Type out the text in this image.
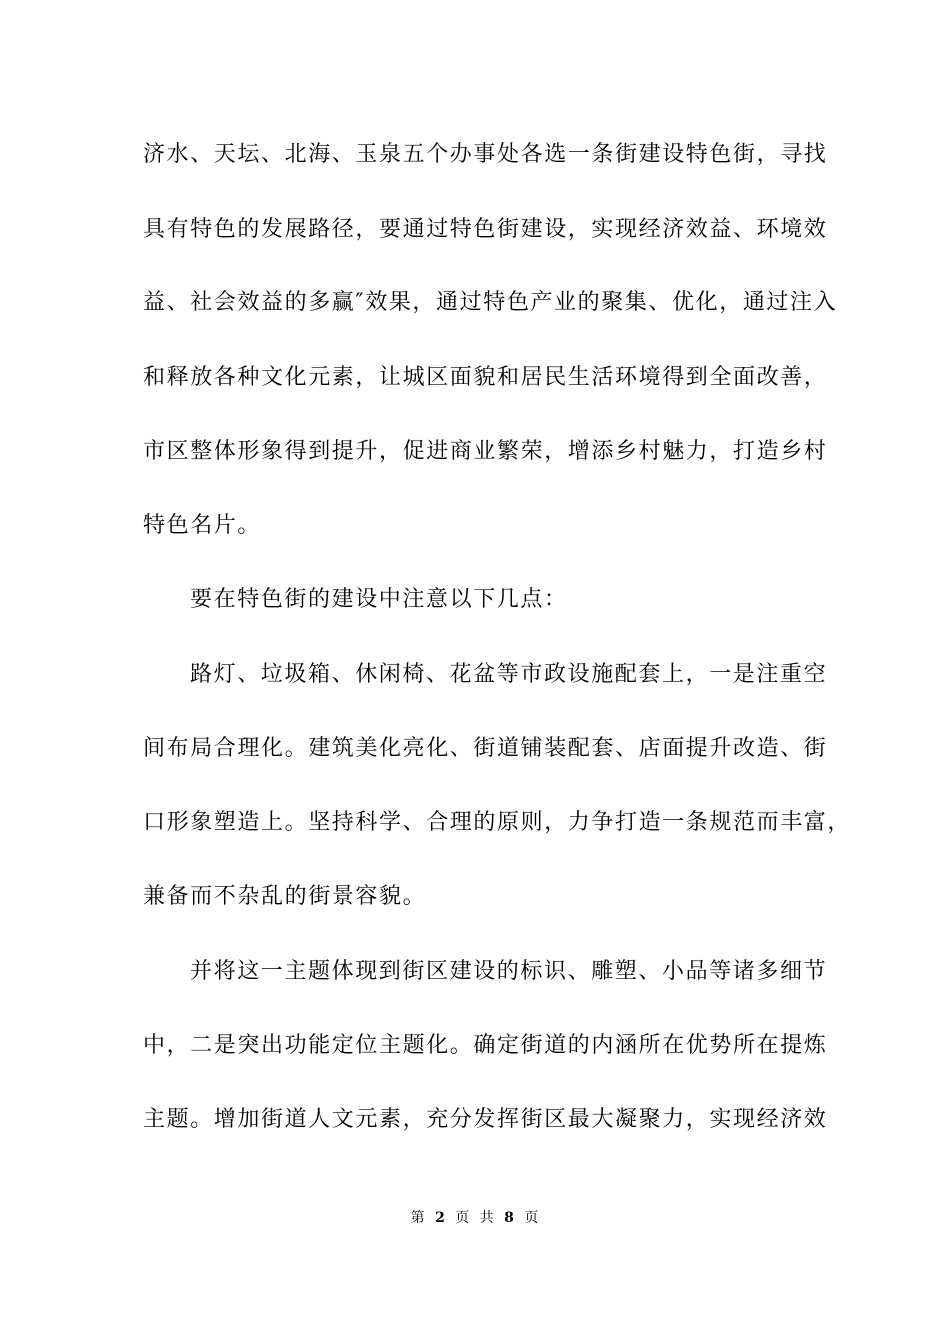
济水、天坛、北海、玉泉五个办事处各选一条街建设特色街，寻找
具有特色的发展路径，要通过特色街建设，实现经济效益、环境效
益、社会效益的多赢″效果，通过特色产业的聚集、优化，通过注入
和释放各种文化元素，让城区面貌和居民生活环境得到全面改善，
市区整体形象得到提升，促进商业繁荣，增添乡村魅力，打造乡村
特色名片。
要在特色街的建设中注意以下几点：
路灯、垃圾箱、休闲椅、花盆等市政设施配套上，一是注重空
间布局合理化。建筑美化亮化、街道铺装配套、店面提升改造、街
口形象塑造上。坚持科学、合理的原则，力争打造一条规范而丰富，
兼备而不杂乱的街景容貌。
并将这一主题体现到街区建设的标识、雕塑、小品等诸多细节
中，二是突出功能定位主题化。确定街道的内涵所在优势所在提炼
主题。增加街道人文元素，充分发挥街区最大凝聚力，实现经济效
第 2 页 共 8 页
